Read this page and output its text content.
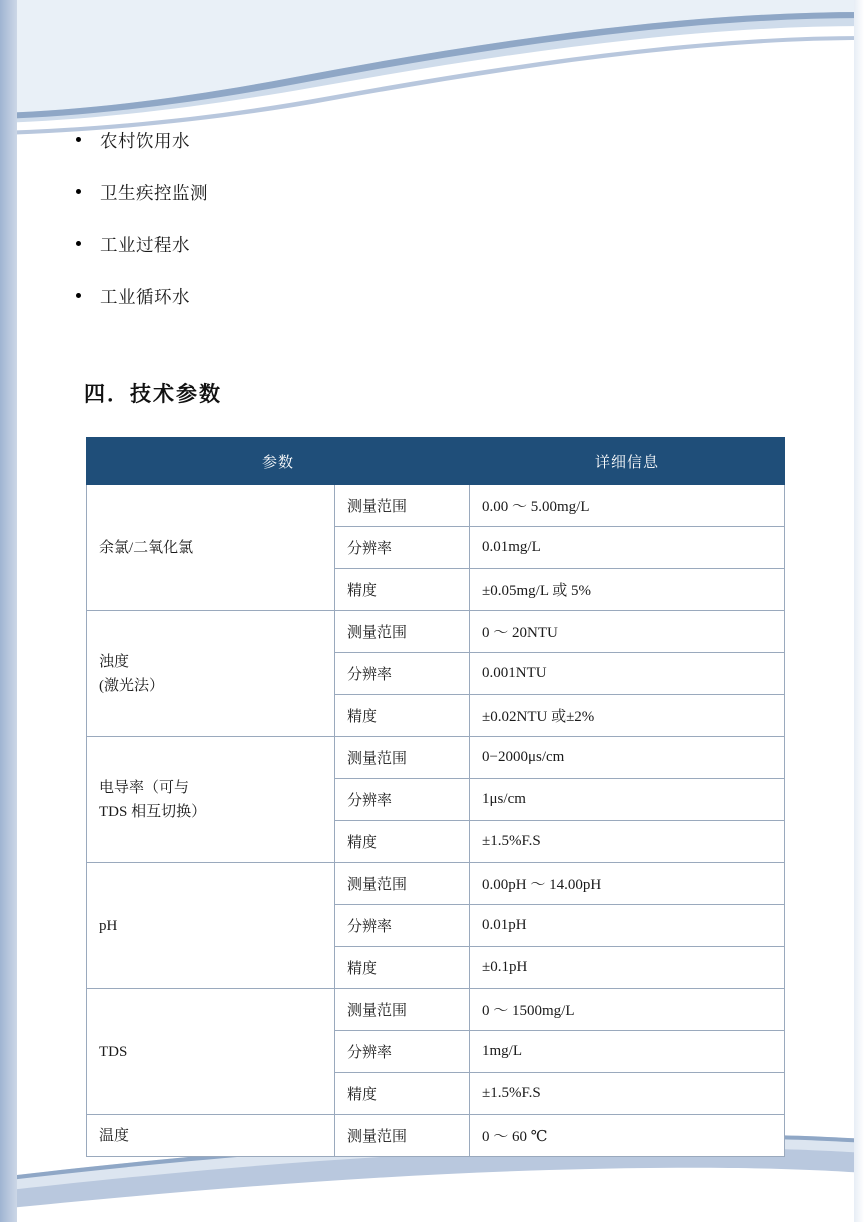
农村饮用水
卫生疾控监测
工业过程水
工业循环水
四．技术参数
参数		详细信息
余氯/二氧化氯	测量范围	0.00 ～ 5.00mg/L
	分辨率	0.01mg/L
	精度	±0.05mg/L 或 5%

浊度
(激光法）	测量范围	0 ～ 20NTU
	分辨率	0.001NTU
	精度	±0.02NTU 或±2%

电导率（可与
TDS 相互切换）	测量范围	0−2000μs/cm
	分辨率	1μs/cm
	精度	±1.5%F.S
pH	测量范围	0.00pH ～ 14.00pH
	分辨率	0.01pH
	精度	±0.1pH
TDS	测量范围	0 ～ 1500mg/L
	分辨率	1mg/L
	精度	±1.5%F.S
温度	测量范围	0 ～ 60 ℃
